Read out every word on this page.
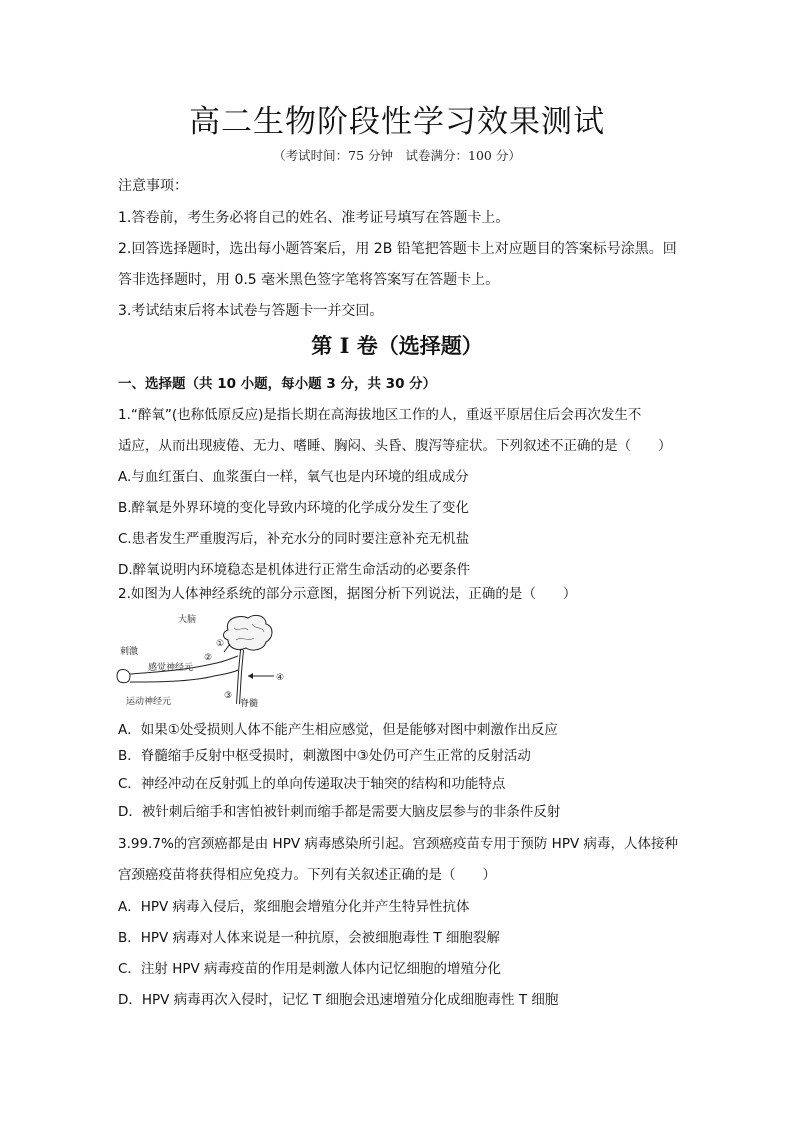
高二生物阶段性学习效果测试
（考试时间：75 分钟　试卷满分：100 分）
注意事项：
1.答卷前，考生务必将自己的姓名、准考证号填写在答题卡上。
2.回答选择题时，选出每小题答案后，用 2B 铅笔把答题卡上对应题目的答案标号涂黑。回
答非选择题时，用 0.5 毫米黑色签字笔将答案写在答题卡上。
3.考试结束后将本试卷与答题卡一并交回。
第 I 卷（选择题）
一、选择题（共 10 小题，每小题 3 分，共 30 分）
1.“醉氧”(也称低原反应)是指长期在高海拔地区工作的人，重返平原居住后会再次发生不
适应，从而出现疲倦、无力、嗜睡、胸闷、头昏、腹泻等症状。下列叙述不正确的是（　　）
A.与血红蛋白、血浆蛋白一样，氧气也是内环境的组成成分
B.醉氧是外界环境的变化导致内环境的化学成分发生了变化
C.患者发生严重腹泻后，补充水分的同时要注意补充无机盐
D.醉氧说明内环境稳态是机体进行正常生命活动的必要条件
2.如图为人体神经系统的部分示意图，据图分析下列说法，正确的是（　　）
大脑
刺激
感觉神经元
运动神经元	脊髓
①
②
③
④
A．如果①处受损则人体不能产生相应感觉，但是能够对图中刺激作出反应
B．脊髓缩手反射中枢受损时，刺激图中③处仍可产生正常的反射活动
C．神经冲动在反射弧上的单向传递取决于轴突的结构和功能特点
D．被针刺后缩手和害怕被针刺而缩手都是需要大脑皮层参与的非条件反射
3.99.7%的宫颈癌都是由 HPV 病毒感染所引起。宫颈癌疫苗专用于预防 HPV 病毒，人体接种
宫颈癌疫苗将获得相应免疫力。下列有关叙述正确的是（　　）
A．HPV 病毒入侵后，浆细胞会增殖分化并产生特异性抗体
B．HPV 病毒对人体来说是一种抗原，会被细胞毒性 T 细胞裂解
C．注射 HPV 病毒疫苗的作用是刺激人体内记忆细胞的增殖分化
D．HPV 病毒再次入侵时，记忆 T 细胞会迅速增殖分化成细胞毒性 T 细胞
